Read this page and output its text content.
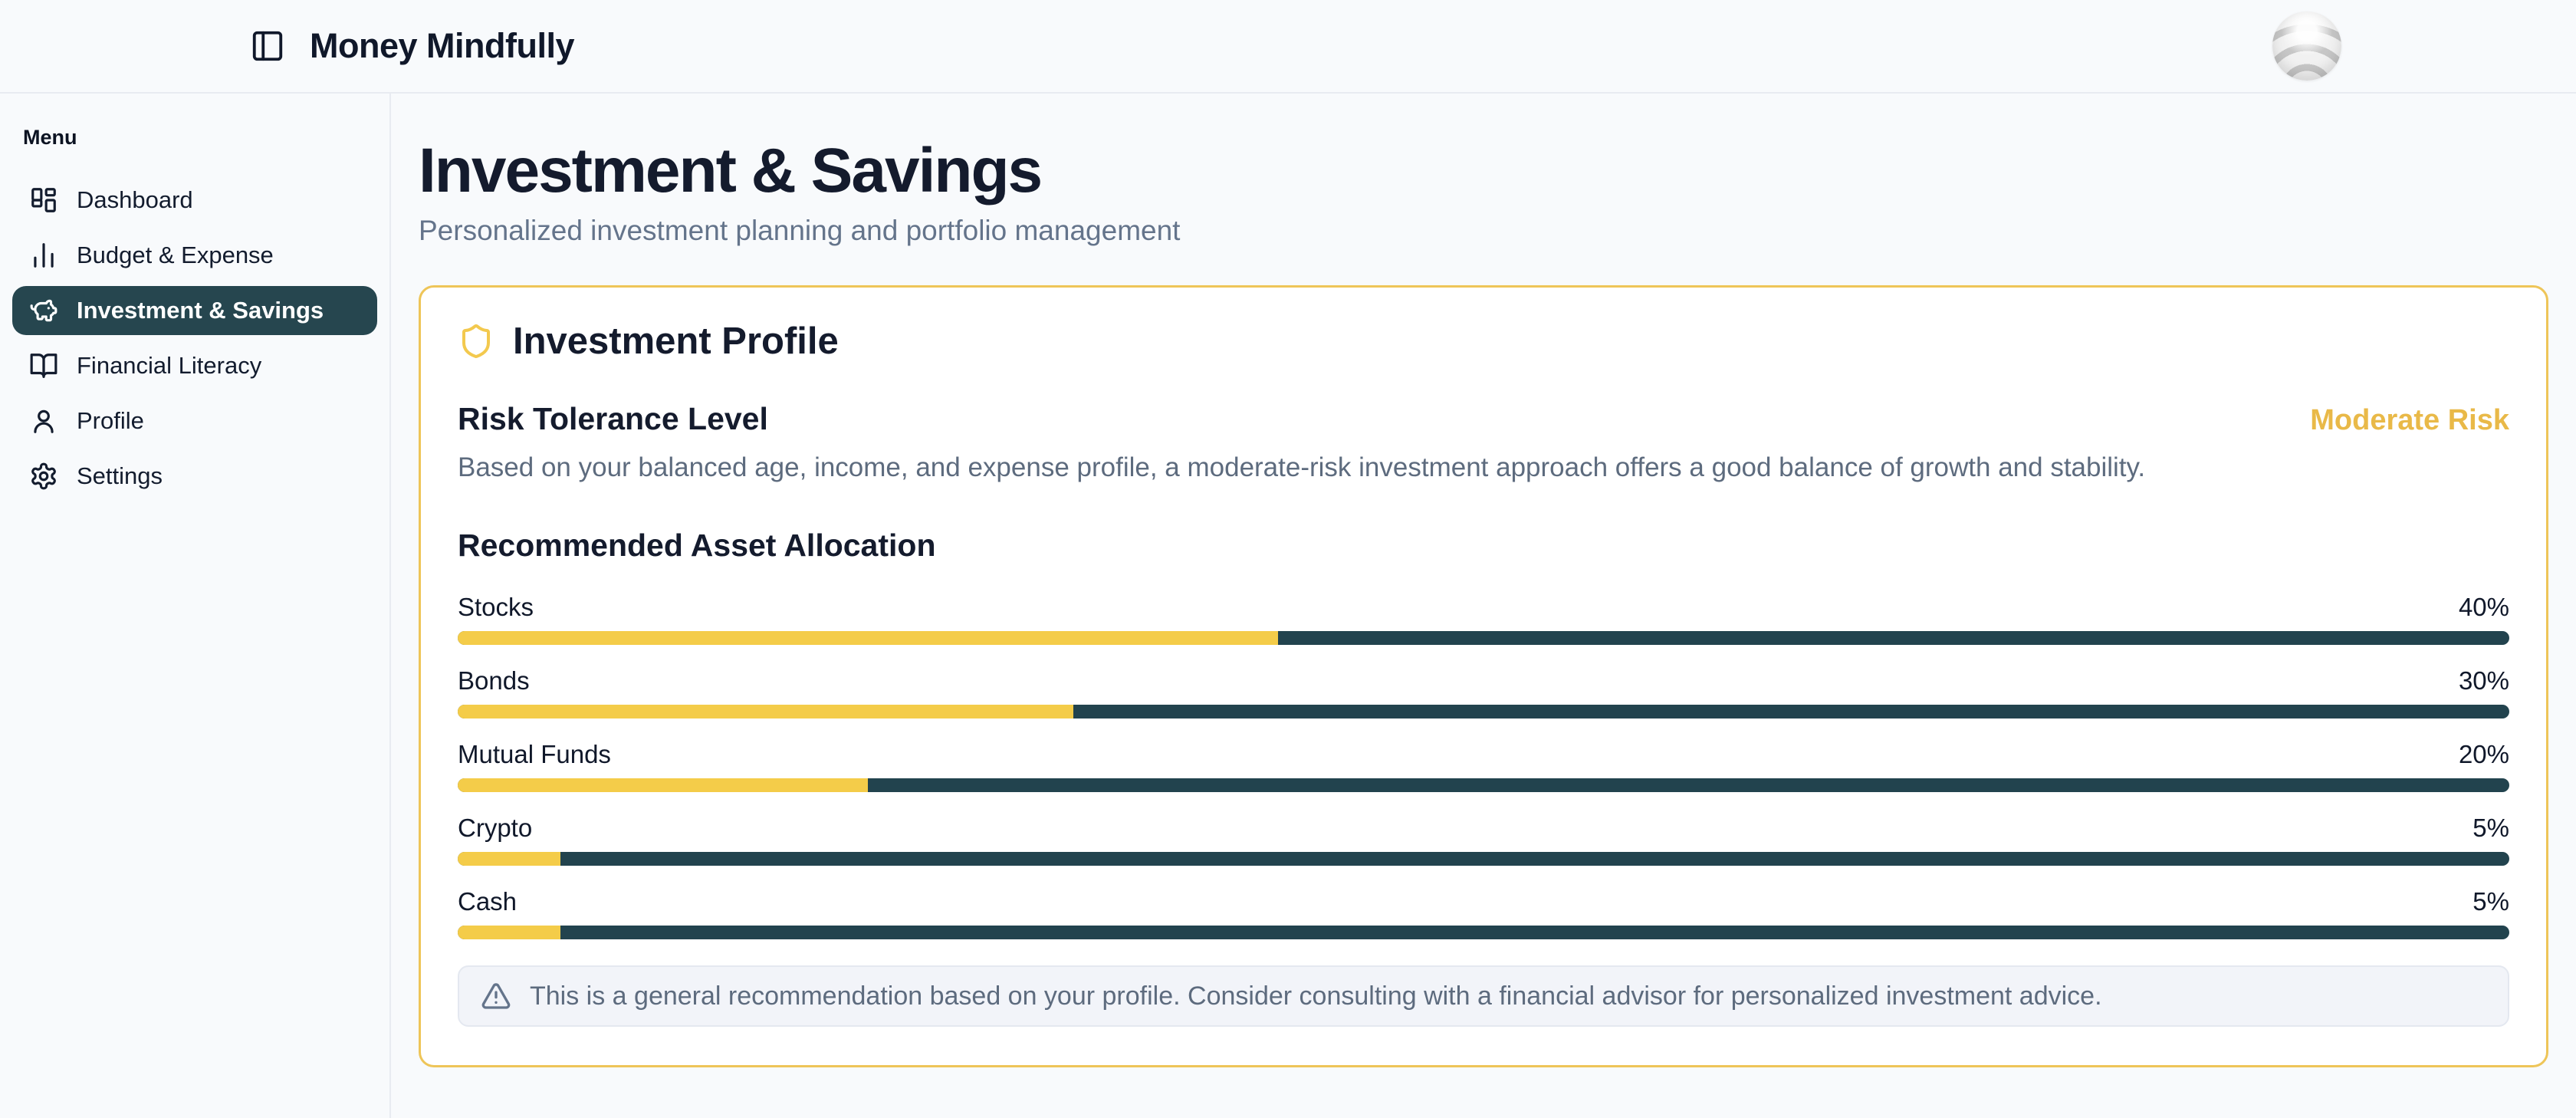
Money Mindfully

Menu

Dashboard
Budget & Expense
Investment & Savings
Financial Literacy
Profile
Settings
Investment & Savings

Personalized investment planning and portfolio management

Investment Profile
Risk Tolerance Level	Moderate Risk

Based on your balanced age, income, and expense profile, a moderate-risk investment approach offers a good balance of growth and stability.

Recommended Asset Allocation
Stocks	40%
Bonds	30%
Mutual Funds	20%
Crypto	5%
Cash	5%
This is a general recommendation based on your profile. Consider consulting with a financial advisor for personalized investment advice.
